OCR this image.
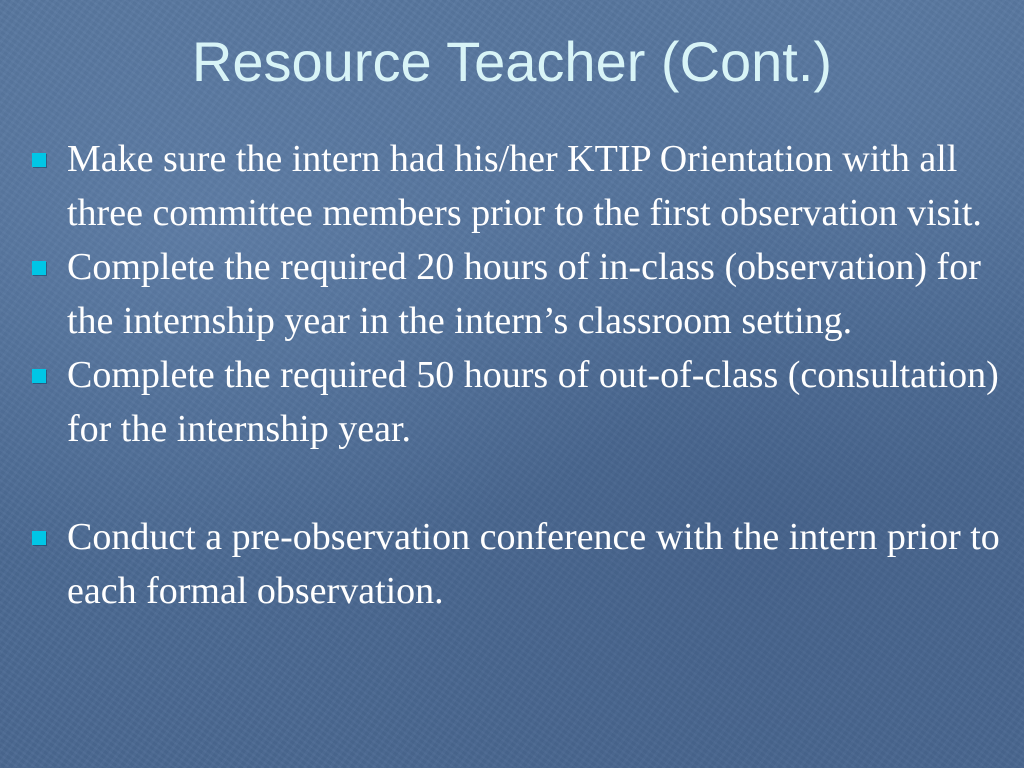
Resource Teacher (Cont.)
Make sure the intern had his/her KTIP Orientation with all three committee members prior to the first observation visit.
Complete the required 20 hours of in-class (observation) for the internship year in the intern’s classroom setting.
Complete the required 50 hours of out-of-class (consultation) for the internship year.
Conduct a pre-observation conference with the intern prior to each formal observation.
